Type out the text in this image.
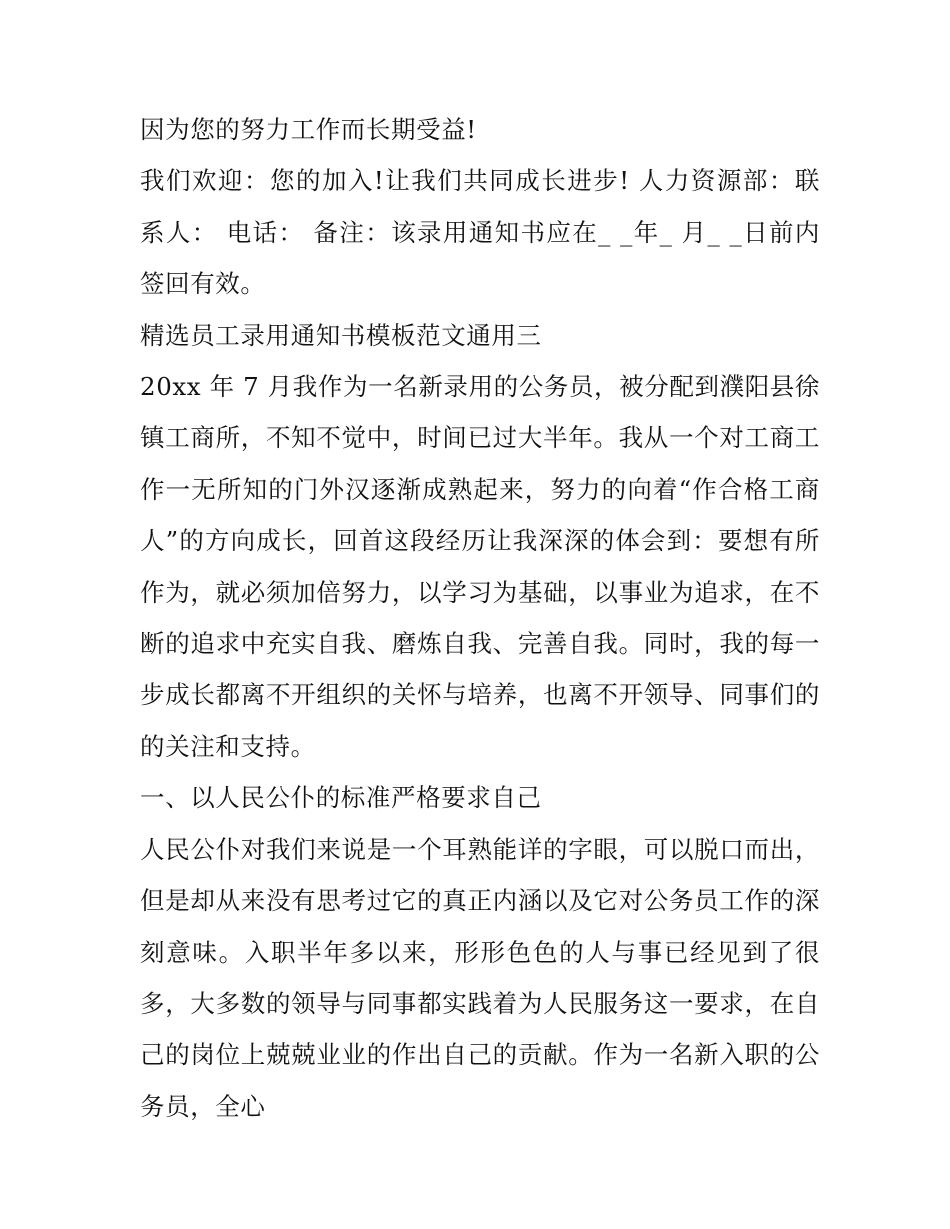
因为您的努力工作而长期受益!

我们欢迎：您的加入!让我们共同成长进步! 人力资源部：联系人： 电话： 备注：该录用通知书应在_ _年_ 月_ _日前内签回有效。

精选员工录用通知书模板范文通用三

20xx 年 7 月我作为一名新录用的公务员，被分配到濮阳县徐镇工商所，不知不觉中，时间已过大半年。我从一个对工商工作一无所知的门外汉逐渐成熟起来，努力的向着“作合格工商人”的方向成长，回首这段经历让我深深的体会到：要想有所作为，就必须加倍努力，以学习为基础，以事业为追求，在不断的追求中充实自我、磨炼自我、完善自我。同时，我的每一步成长都离不开组织的关怀与培养，也离不开领导、同事们的的关注和支持。

一、以人民公仆的标准严格要求自己

人民公仆对我们来说是一个耳熟能详的字眼，可以脱口而出，但是却从来没有思考过它的真正内涵以及它对公务员工作的深刻意味。入职半年多以来，形形色色的人与事已经见到了很多，大多数的领导与同事都实践着为人民服务这一要求，在自己的岗位上兢兢业业的作出自己的贡献。作为一名新入职的公务员，全心
